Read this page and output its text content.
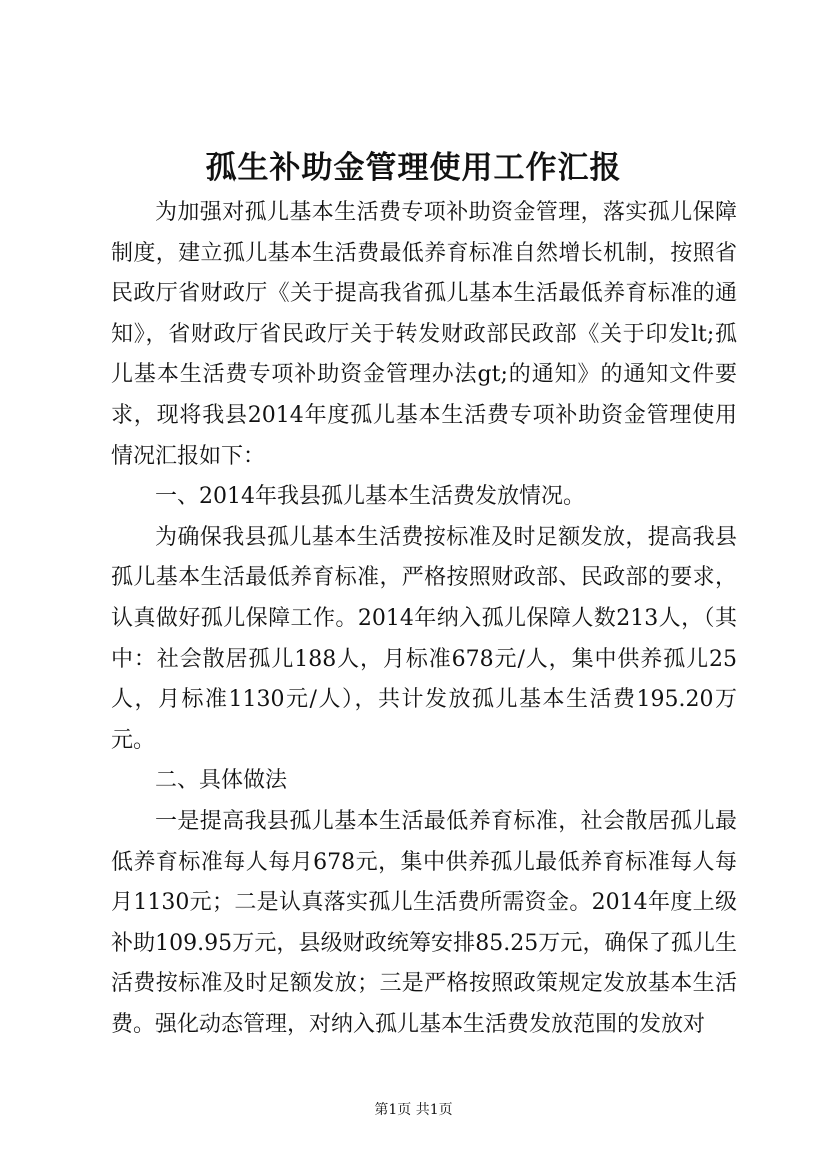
孤生补助金管理使用工作汇报

为加强对孤儿基本生活费专项补助资金管理，落实孤儿保障制度，建立孤儿基本生活费最低养育标准自然增长机制，按照省民政厅省财政厅《关于提高我省孤儿基本生活最低养育标准的通知》，省财政厅省民政厅关于转发财政部民政部《关于印发lt;孤儿基本生活费专项补助资金管理办法gt;的通知》的通知文件要求，现将我县2014年度孤儿基本生活费专项补助资金管理使用情况汇报如下：

一、2014年我县孤儿基本生活费发放情况。

为确保我县孤儿基本生活费按标准及时足额发放，提高我县孤儿基本生活最低养育标准，严格按照财政部、民政部的要求，认真做好孤儿保障工作。2014年纳入孤儿保障人数213人，（其中：社会散居孤儿188人，月标准678元/人，集中供养孤儿25人，月标准1130元/人），共计发放孤儿基本生活费195.20万元。

二、具体做法

一是提高我县孤儿基本生活最低养育标准，社会散居孤儿最低养育标准每人每月678元，集中供养孤儿最低养育标准每人每月1130元；二是认真落实孤儿生活费所需资金。2014年度上级补助109.95万元，县级财政统筹安排85.25万元，确保了孤儿生活费按标准及时足额发放；三是严格按照政策规定发放基本生活费。强化动态管理，对纳入孤儿基本生活费发放范围的发放对

第1页 共1页
